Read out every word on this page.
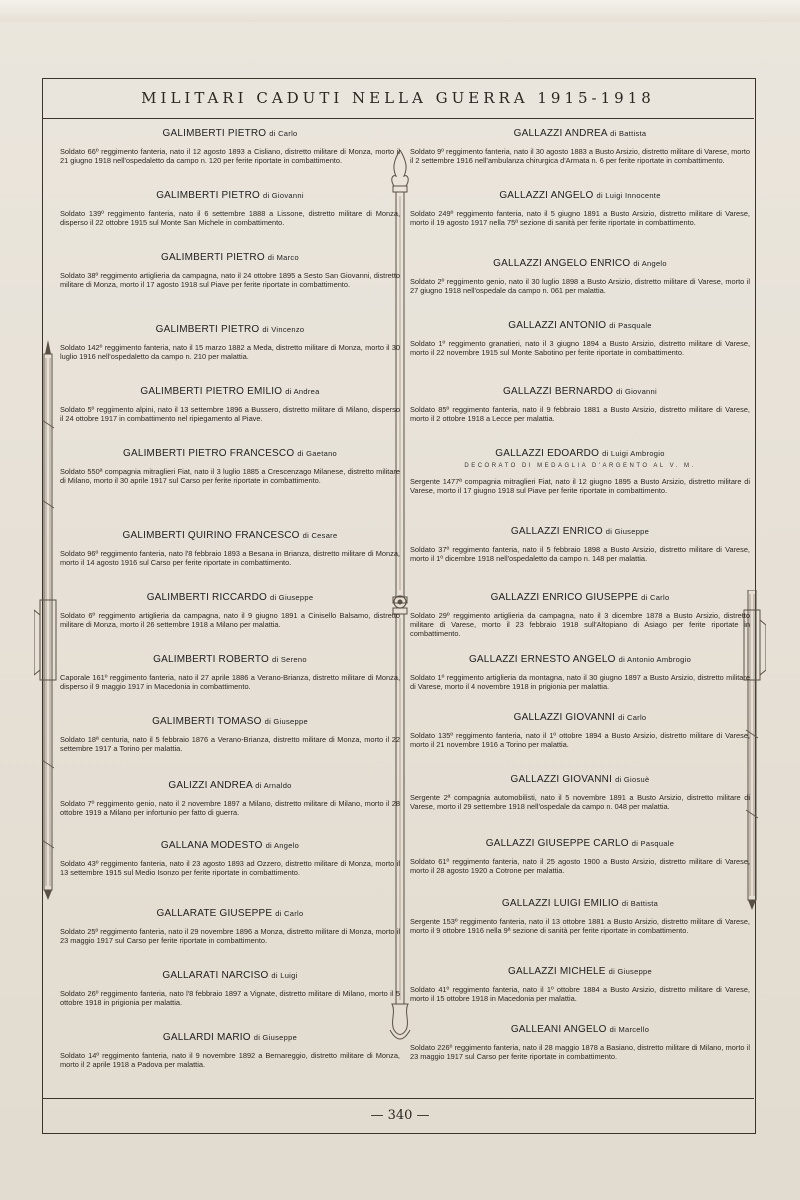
MILITARI CADUTI NELLA GUERRA 1915-1918
GALIMBERTI PIETRO di Carlo
Soldato 66º reggimento fanteria, nato il 12 agosto 1893 a Cisliano, distretto militare di Monza, morto il 21 giugno 1918 nell'ospedaletto da campo n. 120 per ferite riportate in combattimento.
GALIMBERTI PIETRO di Giovanni
Soldato 139º reggimento fanteria, nato il 6 settembre 1888 a Lissone, distretto militare di Monza, disperso il 22 ottobre 1915 sul Monte San Michele in combattimento.
GALIMBERTI PIETRO di Marco
Soldato 38º reggimento artiglieria da campagna, nato il 24 ottobre 1895 a Sesto San Giovanni, distretto militare di Monza, morto il 17 agosto 1918 sul Piave per ferite riportate in combattimento.
GALIMBERTI PIETRO di Vincenzo
Soldato 142º reggimento fanteria, nato il 15 marzo 1882 a Meda, distretto militare di Monza, morto il 30 luglio 1916 nell'ospedaletto da campo n. 210 per malattia.
GALIMBERTI PIETRO EMILIO di Andrea
Soldato 5º reggimento alpini, nato il 13 settembre 1896 a Bussero, distretto militare di Milano, disperso il 24 ottobre 1917 in combattimento nel ripiegamento al Piave.
GALIMBERTI PIETRO FRANCESCO di Gaetano
Soldato 550ª compagnia mitraglieri Fiat, nato il 3 luglio 1885 a Crescenzago Milanese, distretto militare di Milano, morto il 30 aprile 1917 sul Carso per ferite riportate in combattimento.
GALIMBERTI QUIRINO FRANCESCO di Cesare
Soldato 96º reggimento fanteria, nato l'8 febbraio 1893 a Besana in Brianza, distretto militare di Monza, morto il 14 agosto 1916 sul Carso per ferite riportate in combattimento.
GALIMBERTI RICCARDO di Giuseppe
Soldato 6º reggimento artiglieria da campagna, nato il 9 giugno 1891 a Cinisello Balsamo, distretto militare di Monza, morto il 26 settembre 1918 a Milano per malattia.
GALIMBERTI ROBERTO di Sereno
Caporale 161º reggimento fanteria, nato il 27 aprile 1886 a Verano-Brianza, distretto militare di Monza, disperso il 9 maggio 1917 in Macedonia in combattimento.
GALIMBERTI TOMASO di Giuseppe
Soldato 18ª centuria, nato il 5 febbraio 1876 a Verano-Brianza, distretto militare di Monza, morto il 22 settembre 1917 a Torino per malattia.
GALIZZI ANDREA di Arnaldo
Soldato 7º reggimento genio, nato il 2 novembre 1897 a Milano, distretto militare di Milano, morto il 28 ottobre 1919 a Milano per infortunio per fatto di guerra.
GALLANA MODESTO di Angelo
Soldato 43º reggimento fanteria, nato il 23 agosto 1893 ad Ozzero, distretto militare di Monza, morto il 13 settembre 1915 sul Medio Isonzo per ferite riportate in combattimento.
GALLARATE GIUSEPPE di Carlo
Soldato 25º reggimento fanteria, nato il 29 novembre 1896 a Monza, distretto militare di Monza, morto il 23 maggio 1917 sul Carso per ferite riportate in combattimento.
GALLARATI NARCISO di Luigi
Soldato 26º reggimento fanteria, nato l'8 febbraio 1897 a Vignate, distretto militare di Milano, morto il 5 ottobre 1918 in prigionia per malattia.
GALLARDI MARIO di Giuseppe
Soldato 14º reggimento fanteria, nato il 9 novembre 1892 a Bernareggio, distretto militare di Monza, morto il 2 aprile 1918 a Padova per malattia.
GALLAZZI ANDREA di Battista
Soldato 9º reggimento fanteria, nato il 30 agosto 1883 a Busto Arsizio, distretto militare di Varese, morto il 2 settembre 1916 nell'ambulanza chirurgica d'Armata n. 6 per ferite riportate in combattimento.
GALLAZZI ANGELO di Luigi Innocente
Soldato 249º reggimento fanteria, nato il 5 giugno 1891 a Busto Arsizio, distretto militare di Varese, morto il 19 agosto 1917 nella 75ª sezione di sanità per ferite riportate in combattimento.
GALLAZZI ANGELO ENRICO di Angelo
Soldato 2º reggimento genio, nato il 30 luglio 1898 a Busto Arsizio, distretto militare di Varese, morto il 27 giugno 1918 nell'ospedale da campo n. 061 per malattia.
GALLAZZI ANTONIO di Pasquale
Soldato 1º reggimento granatieri, nato il 3 giugno 1894 a Busto Arsizio, distretto militare di Varese, morto il 22 novembre 1915 sul Monte Sabotino per ferite riportate in combattimento.
GALLAZZI BERNARDO di Giovanni
Soldato 85º reggimento fanteria, nato il 9 febbraio 1881 a Busto Arsizio, distretto militare di Varese, morto il 2 ottobre 1918 a Lecce per malattia.
GALLAZZI EDOARDO di Luigi Ambrogio
DECORATO DI MEDAGLIA D'ARGENTO AL V. M.
Sergente 1477ª compagnia mitraglieri Fiat, nato il 12 giugno 1895 a Busto Arsizio, distretto militare di Varese, morto il 17 giugno 1918 sul Piave per ferite riportate in combattimento.
GALLAZZI ENRICO di Giuseppe
Soldato 37º reggimento fanteria, nato il 5 febbraio 1898 a Busto Arsizio, distretto militare di Varese, morto il 1º dicembre 1918 nell'ospedaletto da campo n. 148 per malattia.
GALLAZZI ENRICO GIUSEPPE di Carlo
Soldato 29º reggimento artiglieria da campagna, nato il 3 dicembre 1878 a Busto Arsizio, distretto militare di Varese, morto il 23 febbraio 1918 sull'Altopiano di Asiago per ferite riportate in combattimento.
GALLAZZI ERNESTO ANGELO di Antonio Ambrogio
Soldato 1º reggimento artiglieria da montagna, nato il 30 giugno 1897 a Busto Arsizio, distretto militare di Varese, morto il 4 novembre 1918 in prigionia per malattia.
GALLAZZI GIOVANNI di Carlo
Soldato 135º reggimento fanteria, nato il 1º ottobre 1894 a Busto Arsizio, distretto militare di Varese, morto il 21 novembre 1916 a Torino per malattia.
GALLAZZI GIOVANNI di Giosuè
Sergente 2ª compagnia automobilisti, nato il 5 novembre 1891 a Busto Arsizio, distretto militare di Varese, morto il 29 settembre 1918 nell'ospedale da campo n. 048 per malattia.
GALLAZZI GIUSEPPE CARLO di Pasquale
Soldato 61º reggimento fanteria, nato il 25 agosto 1900 a Busto Arsizio, distretto militare di Varese, morto il 28 agosto 1920 a Cotrone per malattia.
GALLAZZI LUIGI EMILIO di Battista
Sergente 153º reggimento fanteria, nato il 13 ottobre 1881 a Busto Arsizio, distretto militare di Varese, morto il 9 ottobre 1916 nella 9ª sezione di sanità per ferite riportate in combattimento.
GALLAZZI MICHELE di Giuseppe
Soldato 41º reggimento fanteria, nato il 1º ottobre 1884 a Busto Arsizio, distretto militare di Varese, morto il 15 ottobre 1918 in Macedonia per malattia.
GALLEANI ANGELO di Marcello
Soldato 226º reggimento fanteria, nato il 28 maggio 1878 a Basiano, distretto militare di Milano, morto il 23 maggio 1917 sul Carso per ferite riportate in combattimento.
— 340 —
